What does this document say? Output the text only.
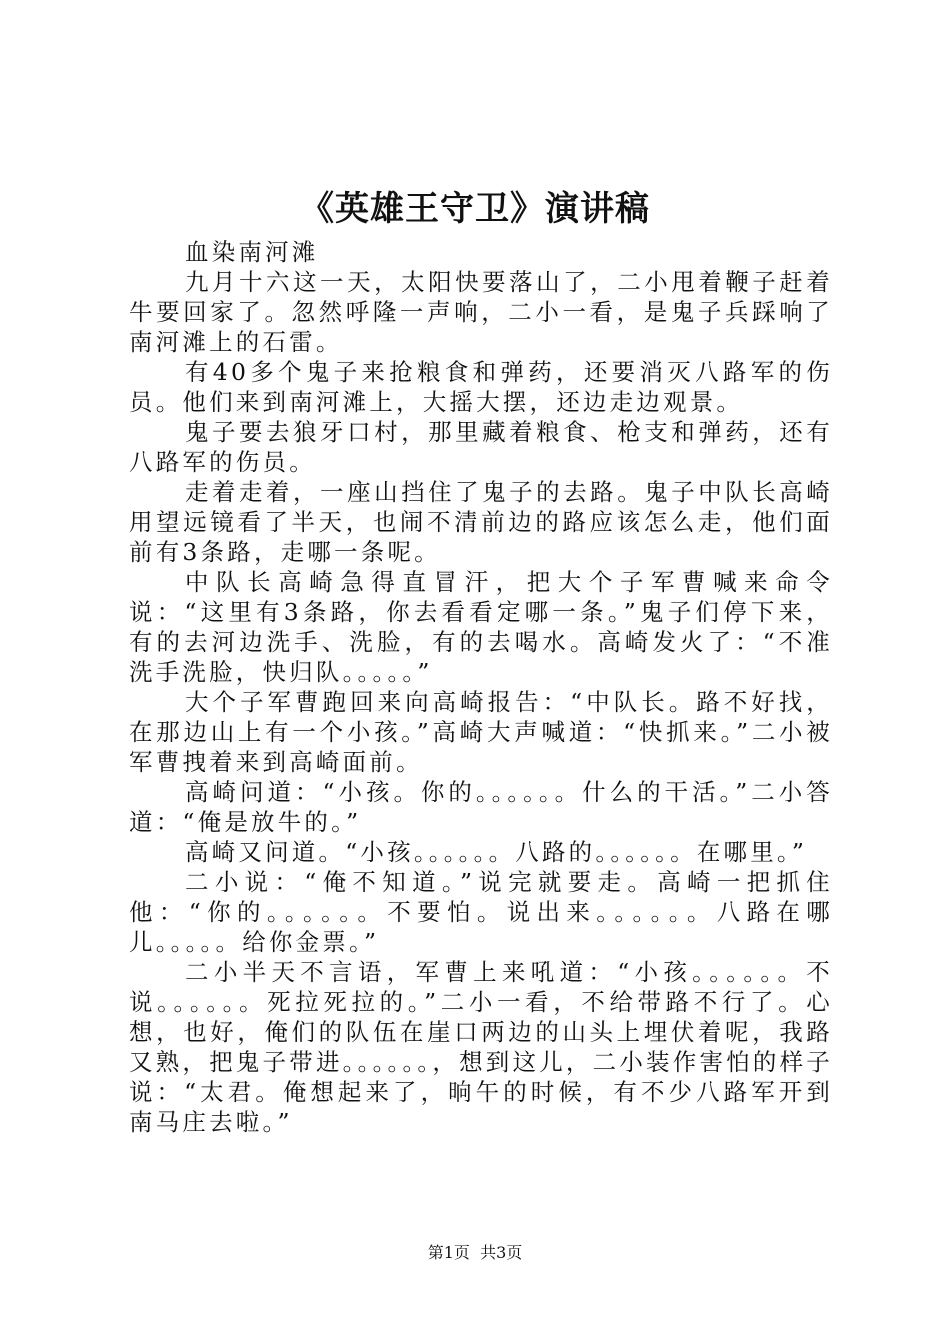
《英雄王守卫》演讲稿

血染南河滩

九月十六这一天，太阳快要落山了，二小甩着鞭子赶着牛要回家了。忽然呼隆一声响，二小一看，是鬼子兵踩响了南河滩上的石雷。

有40多个鬼子来抢粮食和弹药，还要消灭八路军的伤员。他们来到南河滩上，大摇大摆，还边走边观景。

鬼子要去狼牙口村，那里藏着粮食、枪支和弹药，还有八路军的伤员。

走着走着，一座山挡住了鬼子的去路。鬼子中队长高崎用望远镜看了半天，也闹不清前边的路应该怎么走，他们面前有3条路，走哪一条呢。

中队长高崎急得直冒汗，把大个子军曹喊来命令说：“这里有3条路，你去看看定哪一条。”鬼子们停下来，有的去河边洗手、洗脸，有的去喝水。高崎发火了：“不准洗手洗脸，快归队。。。。。”

大个子军曹跑回来向高崎报告：“中队长。路不好找，在那边山上有一个小孩。”高崎大声喊道：“快抓来。”二小被军曹拽着来到高崎面前。

高崎问道：“小孩。你的。。。。。。什么的干活。”二小答道：“俺是放牛的。”

高崎又问道。“小孩。。。。。。八路的。。。。。。在哪里。”

二小说：“俺不知道。”说完就要走。高崎一把抓住他：“你的。。。。。。不要怕。说出来。。。。。。八路在哪儿。。。。。给你金票。”

二小半天不言语，军曹上来吼道：“小孩。。。。。。不说。。。。。。死拉死拉的。”二小一看，不给带路不行了。心想，也好，俺们的队伍在崖口两边的山头上埋伏着呢，我路又熟，把鬼子带进。。。。。。，想到这儿，二小装作害怕的样子说：“太君。俺想起来了，晌午的时候，有不少八路军开到南马庄去啦。”

第1页 共3页
